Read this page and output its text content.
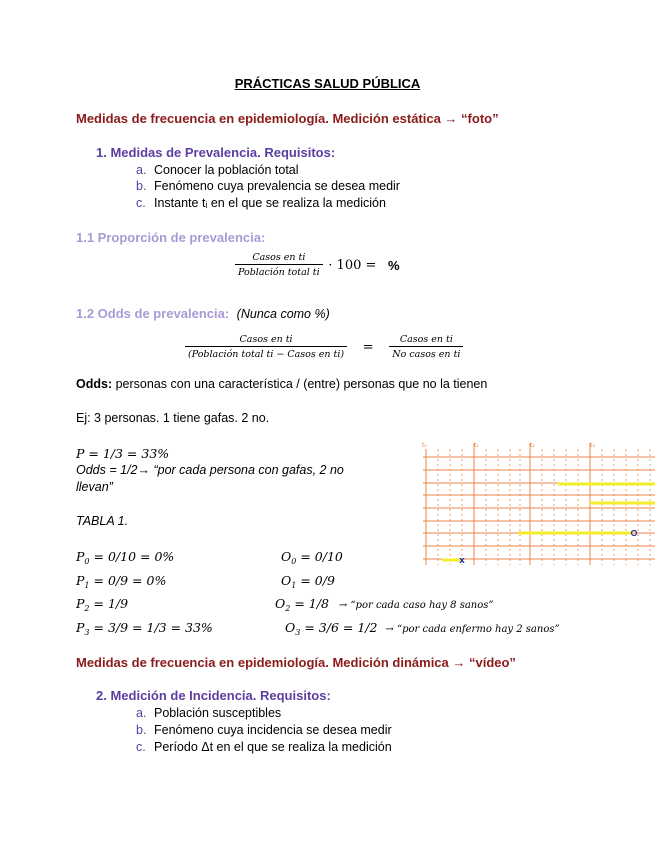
PRÁCTICAS SALUD PÚBLICA
Medidas de frecuencia en epidemiología. Medición estática → “foto”
1. Medidas de Prevalencia. Requisitos:
a. Conocer la población total
b. Fenómeno cuya prevalencia se desea medir
c. Instante tᵢ en el que se realiza la medición
1.1 Proporción de prevalencia:
$\frac{\text{Casos en ti}}{\text{Población total ti}} \cdot 100$ = %
1.2 Odds de prevalencia: (Nunca como %)
$\frac{\text{Casos en ti}}{\text{(Población total ti − Casos en ti)}} = \frac{\text{Casos en ti}}{\text{No casos en ti}}$
Odds: personas con una característica / (entre) personas que no la tienen
Ej: 3 personas. 1 tiene gafas. 2 no.
P = 1/3 = 33%
Odds = 1/2→ “por cada persona con gafas, 2 no
llevan”
TABLA 1.
$P_0 = 0/10 = 0\%$	$O_0 = 0/10$
$P_1 = 0/9 = 0\%$	$O_1 = 0/9$
$P_2 = 1/9$	$O_2 = 1/8$ → “por cada caso hay 8 sanos”
$P_3 = 3/9 = 1/3 = 33\%$	$O_3 = 3/6 = 1/2$ → “por cada enfermo hay 2 sanos”
t₀	t₁	t₂	t₃
x
Medidas de frecuencia en epidemiología. Medición dinámica → “vídeo”
2. Medición de Incidencia. Requisitos:
a. Población susceptibles
b. Fenómeno cuya incidencia se desea medir
c. Período Δt en el que se realiza la medición
